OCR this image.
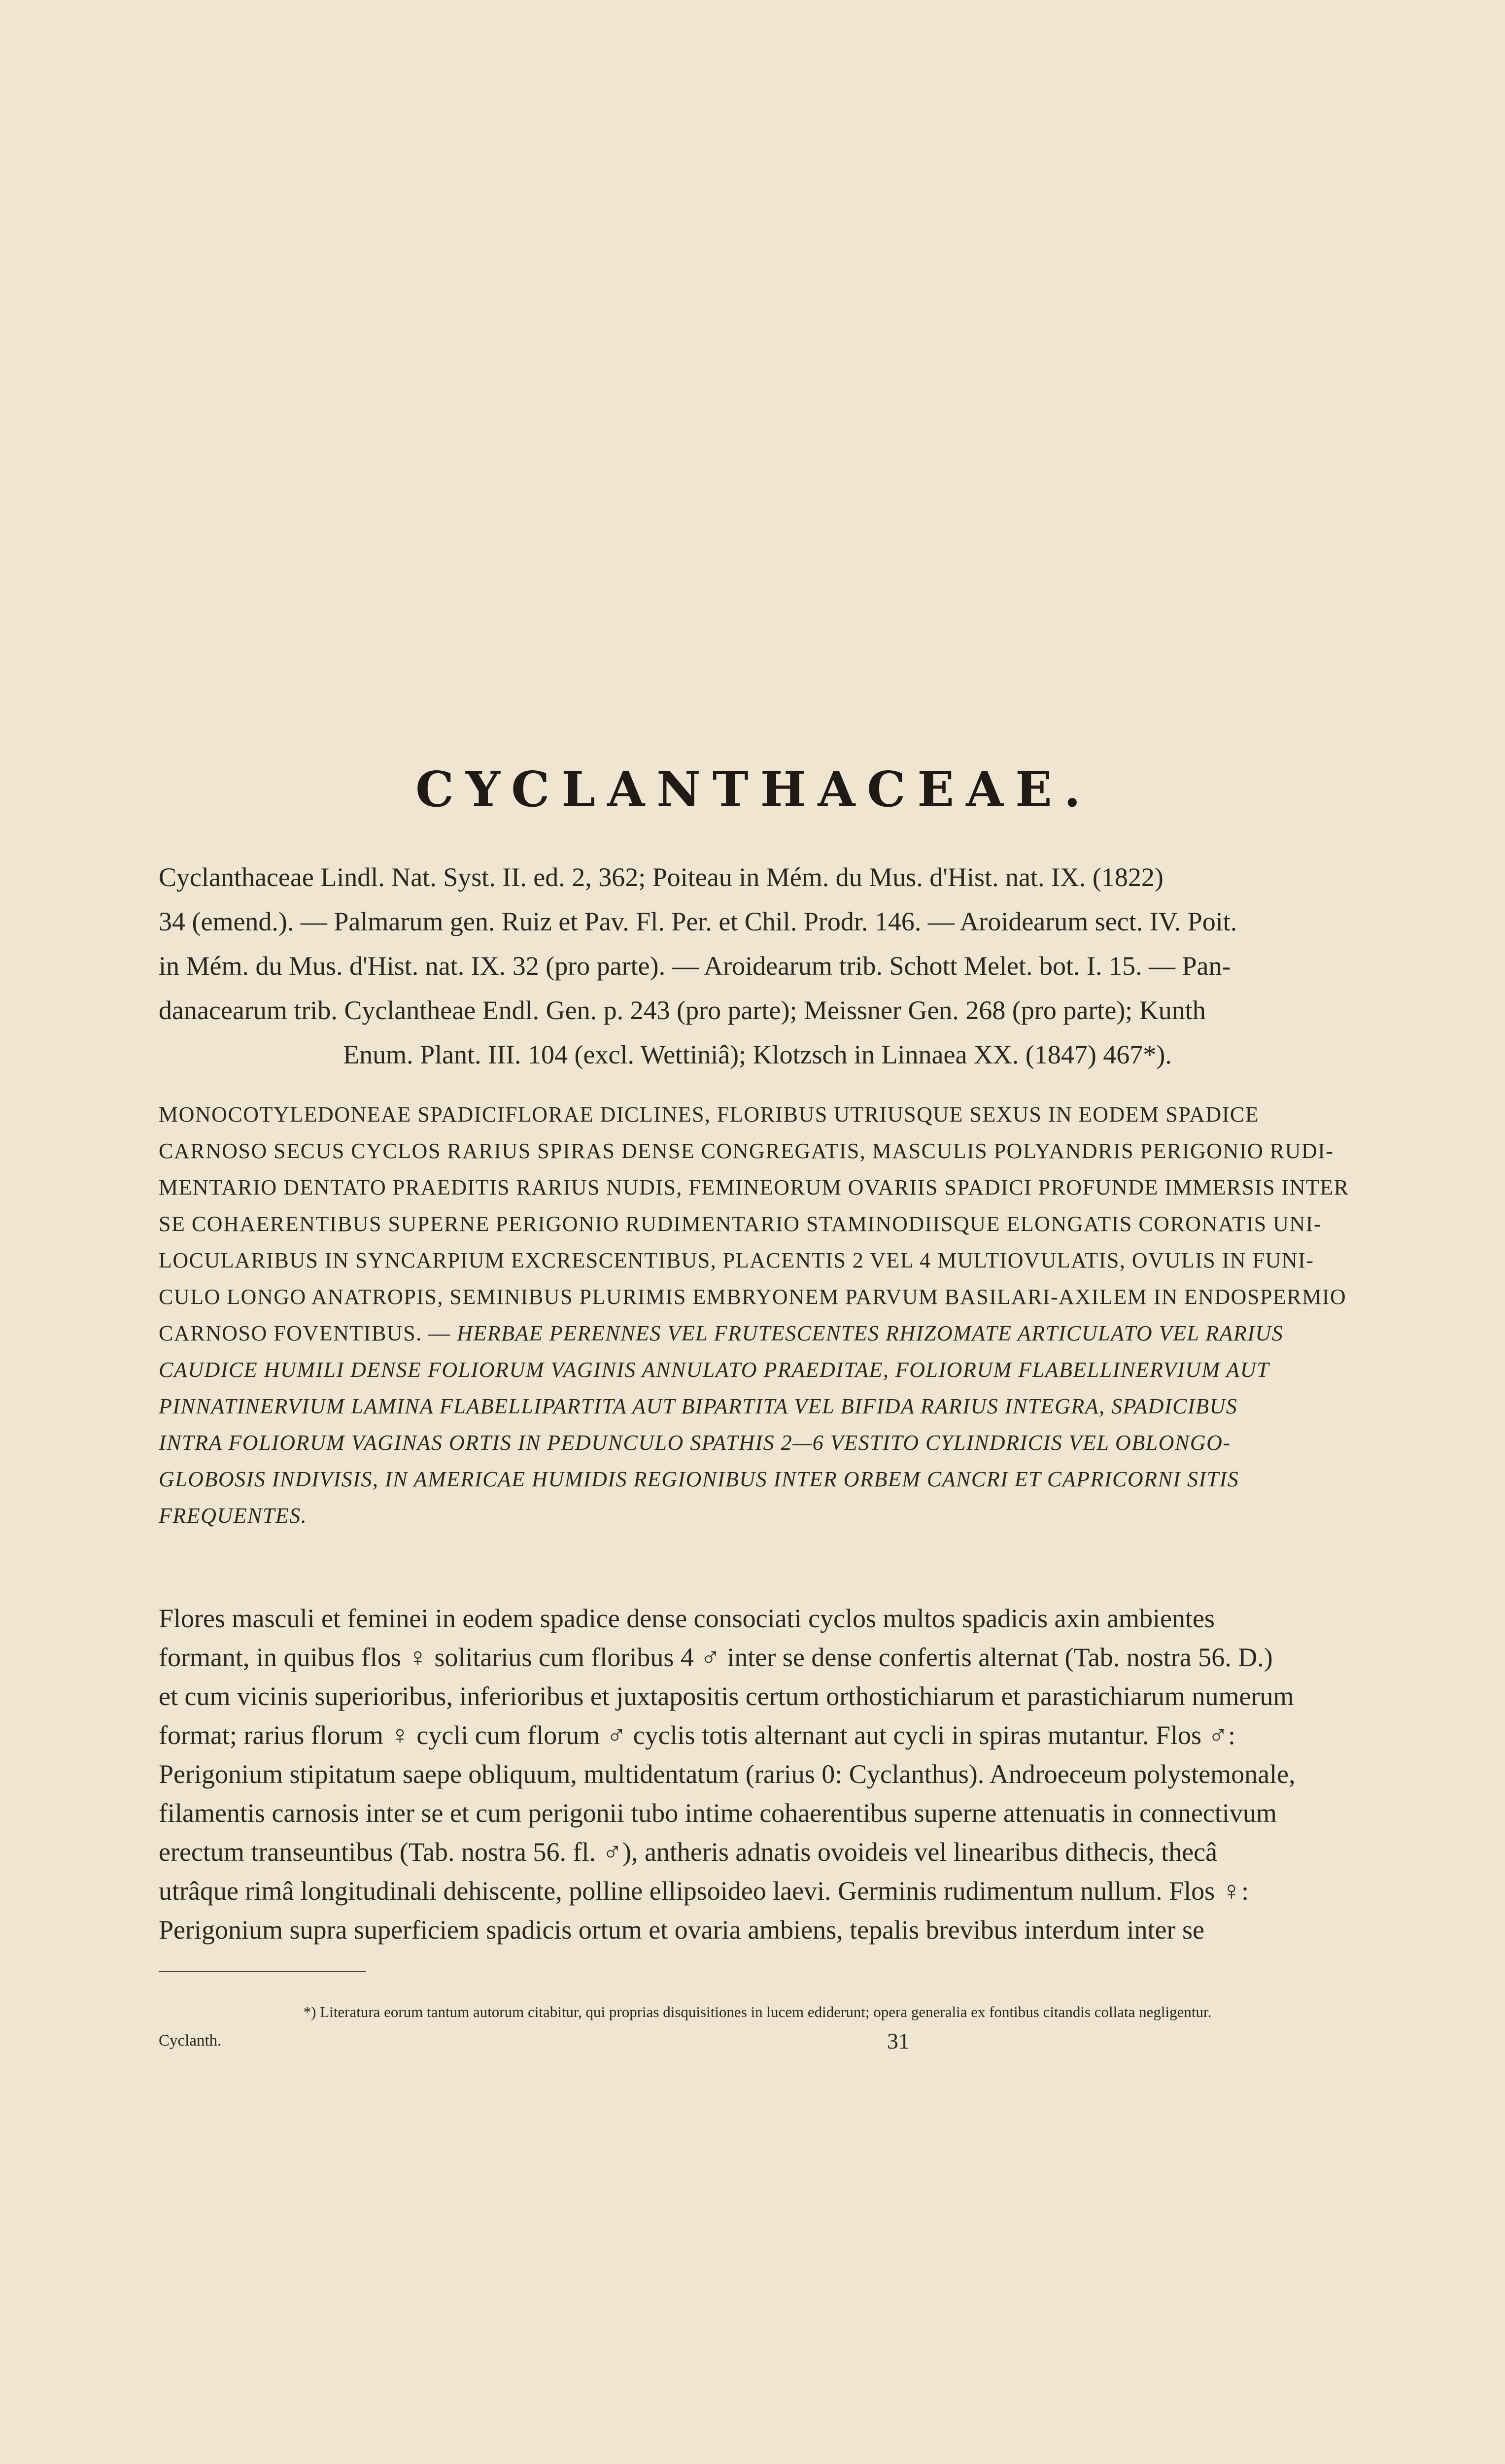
CYCLANTHACEAE.
Cyclanthaceae Lindl. Nat. Syst. II. ed. 2, 362; Poiteau in Mém. du Mus. d'Hist. nat. IX. (1822)
34 (emend.). — Palmarum gen. Ruiz et Pav. Fl. Per. et Chil. Prodr. 146. — Aroidearum sect. IV. Poit.
in Mém. du Mus. d'Hist. nat. IX. 32 (pro parte). — Aroidearum trib. Schott Melet. bot. I. 15. — Pan-
danacearum trib. Cyclantheae Endl. Gen. p. 243 (pro parte); Meissner Gen. 268 (pro parte); Kunth
Enum. Plant. III. 104 (excl. Wettiniâ); Klotzsch in Linnaea XX. (1847) 467*).
MONOCOTYLEDONEAE SPADICIFLORAE DICLINES, FLORIBUS UTRIUSQUE SEXUS IN EODEM SPADICE
CARNOSO SECUS CYCLOS RARIUS SPIRAS DENSE CONGREGATIS, MASCULIS POLYANDRIS PERIGONIO RUDI-
MENTARIO DENTATO PRAEDITIS RARIUS NUDIS, FEMINEORUM OVARIIS SPADICI PROFUNDE IMMERSIS INTER
SE COHAERENTIBUS SUPERNE PERIGONIO RUDIMENTARIO STAMINODIISQUE ELONGATIS CORONATIS UNI-
LOCULARIBUS IN SYNCARPIUM EXCRESCENTIBUS, PLACENTIS 2 VEL 4 MULTIOVULATIS, OVULIS IN FUNI-
CULO LONGO ANATROPIS, SEMINIBUS PLURIMIS EMBRYONEM PARVUM BASILARI-AXILEM IN ENDOSPERMIO
CARNOSO FOVENTIBUS. — HERBAE PERENNES VEL FRUTESCENTES RHIZOMATE ARTICULATO VEL RARIUS
CAUDICE HUMILI DENSE FOLIORUM VAGINIS ANNULATO PRAEDITAE, FOLIORUM FLABELLINERVIUM AUT
PINNATINERVIUM LAMINA FLABELLIPARTITA AUT BIPARTITA VEL BIFIDA RARIUS INTEGRA, SPADICIBUS
INTRA FOLIORUM VAGINAS ORTIS IN PEDUNCULO SPATHIS 2—6 VESTITO CYLINDRICIS VEL OBLONGO-
GLOBOSIS INDIVISIS, IN AMERICAE HUMIDIS REGIONIBUS INTER ORBEM CANCRI ET CAPRICORNI SITIS
FREQUENTES.
Flores masculi et feminei in eodem spadice dense consociati cyclos multos spadicis axin ambientes
formant, in quibus flos ♀ solitarius cum floribus 4 ♂ inter se dense confertis alternat (Tab. nostra 56. D.)
et cum vicinis superioribus, inferioribus et juxtapositis certum orthostichiarum et parastichiarum numerum
format; rarius florum ♀ cycli cum florum ♂ cyclis totis alternant aut cycli in spiras mutantur. Flos ♂:
Perigonium stipitatum saepe obliquum, multidentatum (rarius 0: Cyclanthus). Androeceum polystemonale,
filamentis carnosis inter se et cum perigonii tubo intime cohaerentibus superne attenuatis in connectivum
erectum transeuntibus (Tab. nostra 56. fl. ♂), antheris adnatis ovoideis vel linearibus dithecis, thecâ
utrâque rimâ longitudinali dehiscente, polline ellipsoideo laevi. Germinis rudimentum nullum. Flos ♀:
Perigonium supra superficiem spadicis ortum et ovaria ambiens, tepalis brevibus interdum inter se
*) Literatura eorum tantum autorum citabitur, qui proprias disquisitiones in lucem ediderunt; opera generalia ex fontibus citandis collata negligentur.
Cyclanth.	31
